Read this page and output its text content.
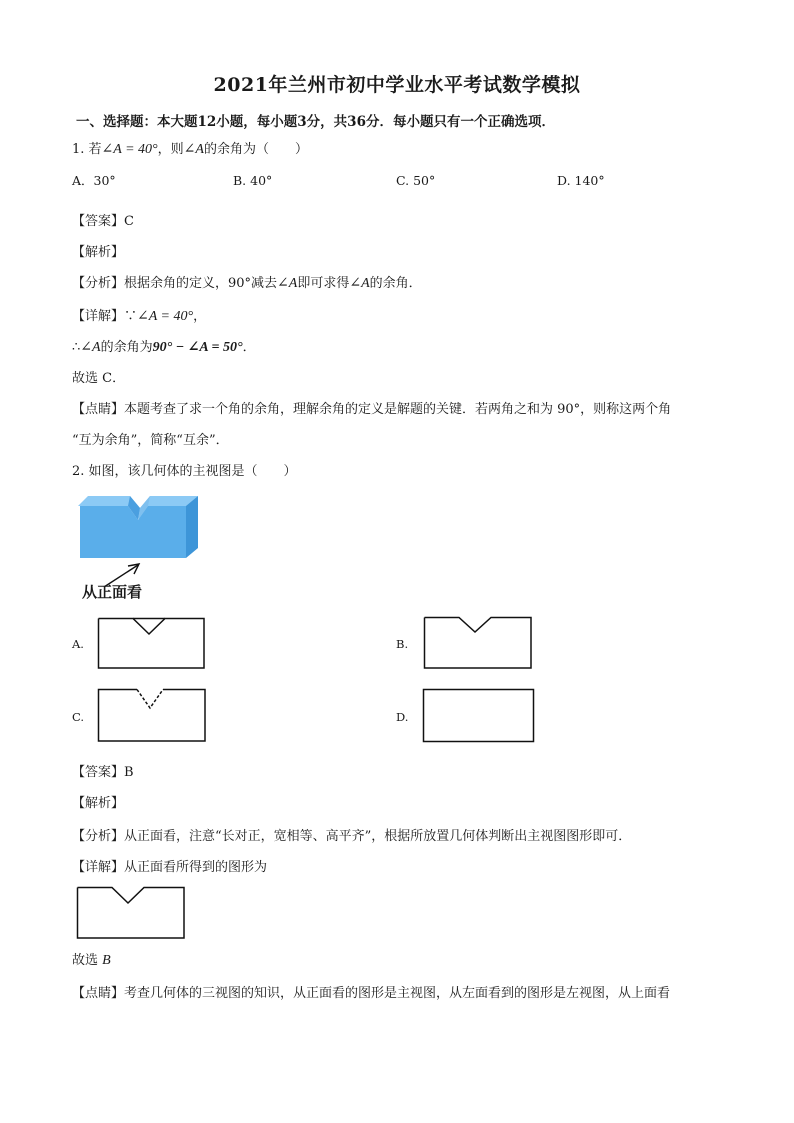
2021年兰州市初中学业水平考试数学模拟
一、选择题：本大题12小题，每小题3分，共36分．每小题只有一个正确选项．
1. 若∠A = 40°，则∠A的余角为（　　）
A．30°	B. 40°	C. 50°	D. 140°
【答案】C
【解析】
【分析】根据余角的定义，90°减去∠A即可求得∠A的余角．
【详解】∵∠A = 40°，
∴∠A的余角为90° − ∠A = 50°．
故选 C．
【点睛】本题考查了求一个角的余角，理解余角的定义是解题的关键．若两角之和为 90°，则称这两个角
“互为余角”，简称“互余”．
2. 如图，该几何体的主视图是（　　）
从正面看
A.	B.
C.	D.
【答案】B
【解析】
【分析】从正面看，注意“长对正，宽相等、高平齐”，根据所放置几何体判断出主视图图形即可．
【详解】从正面看所得到的图形为
故选 B
【点睛】考查几何体的三视图的知识，从正面看的图形是主视图，从左面看到的图形是左视图，从上面看
